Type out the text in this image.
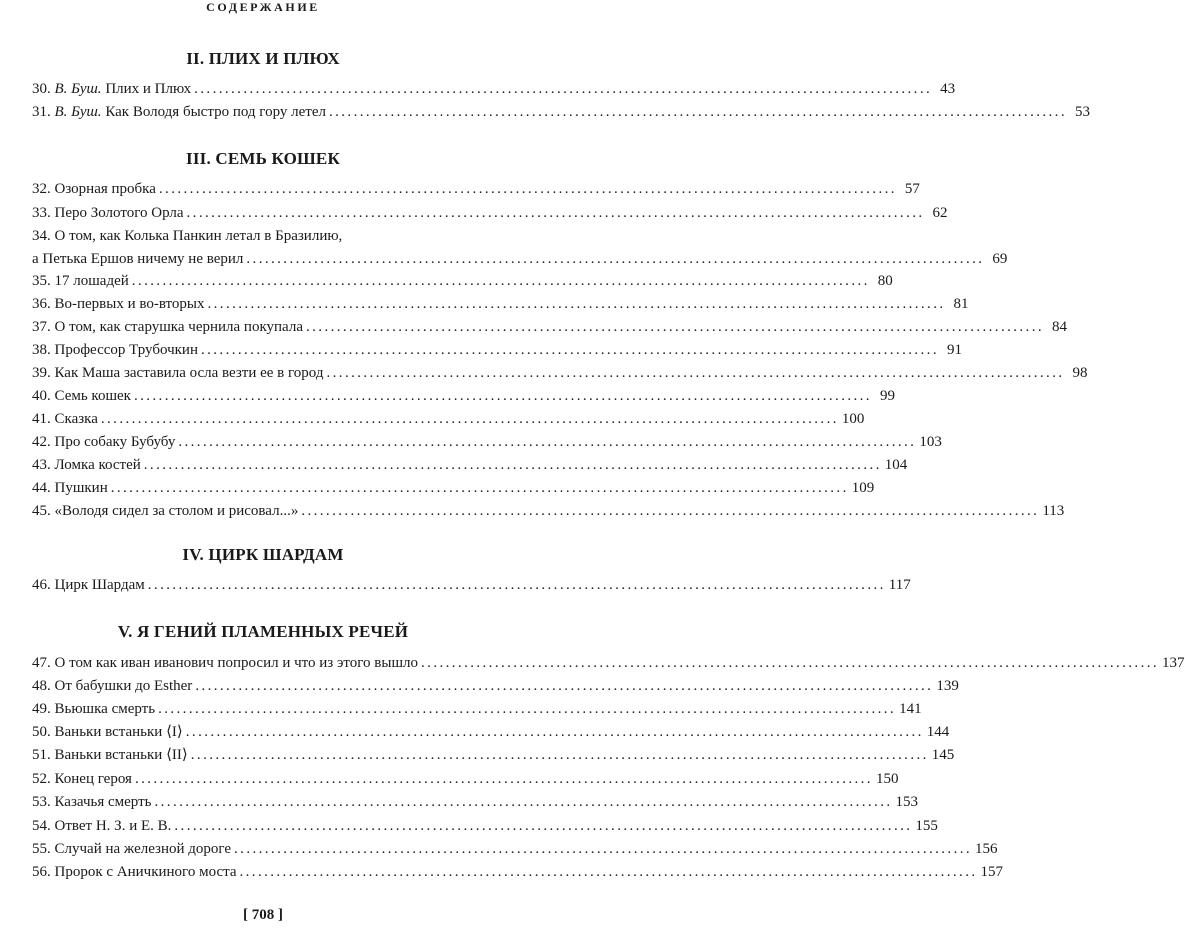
СОДЕРЖАНИЕ
II. ПЛИХ И ПЛЮХ
30. В. Буш. Плих и Плюх ........................................................................................................................ 43
31. В. Буш. Как Володя быстро под гору летел ........................................................................................................................ 53
III. СЕМЬ КОШЕК
32. Озорная пробка ........................................................................................................................ 57
33. Перо Золотого Орла ........................................................................................................................ 62
34. О том, как Колька Панкин летал в Бразилию,
а Петька Ершов ничему не верил ........................................................................................................................ 69
35. 17 лошадей ........................................................................................................................ 80
36. Во-первых и во-вторых ........................................................................................................................ 81
37. О том, как старушка чернила покупала ........................................................................................................................ 84
38. Профессор Трубочкин ........................................................................................................................ 91
39. Как Маша заставила осла везти ее в город ........................................................................................................................ 98
40. Семь кошек ........................................................................................................................ 99
41. Сказка ........................................................................................................................ 100
42. Про собаку Бубубу ........................................................................................................................ 103
43. Ломка костей ........................................................................................................................ 104
44. Пушкин ........................................................................................................................ 109
45. «Володя сидел за столом и рисовал...» ........................................................................................................................ 113
IV. ЦИРК ШАРДАМ
46. Цирк Шардам ........................................................................................................................ 117
V. Я ГЕНИЙ ПЛАМЕННЫХ РЕЧЕЙ
47. О том как иван иванович попросил и что из этого вышло ........................................................................................................................ 137
48. От бабушки до Esther ........................................................................................................................ 139
49. Вьюшка смерть ........................................................................................................................ 141
50. Ваньки встаньки ⟨I⟩ ........................................................................................................................ 144
51. Ваньки встаньки ⟨II⟩ ........................................................................................................................ 145
52. Конец героя ........................................................................................................................ 150
53. Казачья смерть ........................................................................................................................ 153
54. Ответ Н. З. и Е. В. ........................................................................................................................ 155
55. Случай на железной дороге ........................................................................................................................ 156
56. Пророк с Аничкиного моста ........................................................................................................................ 157
[ 708 ]
